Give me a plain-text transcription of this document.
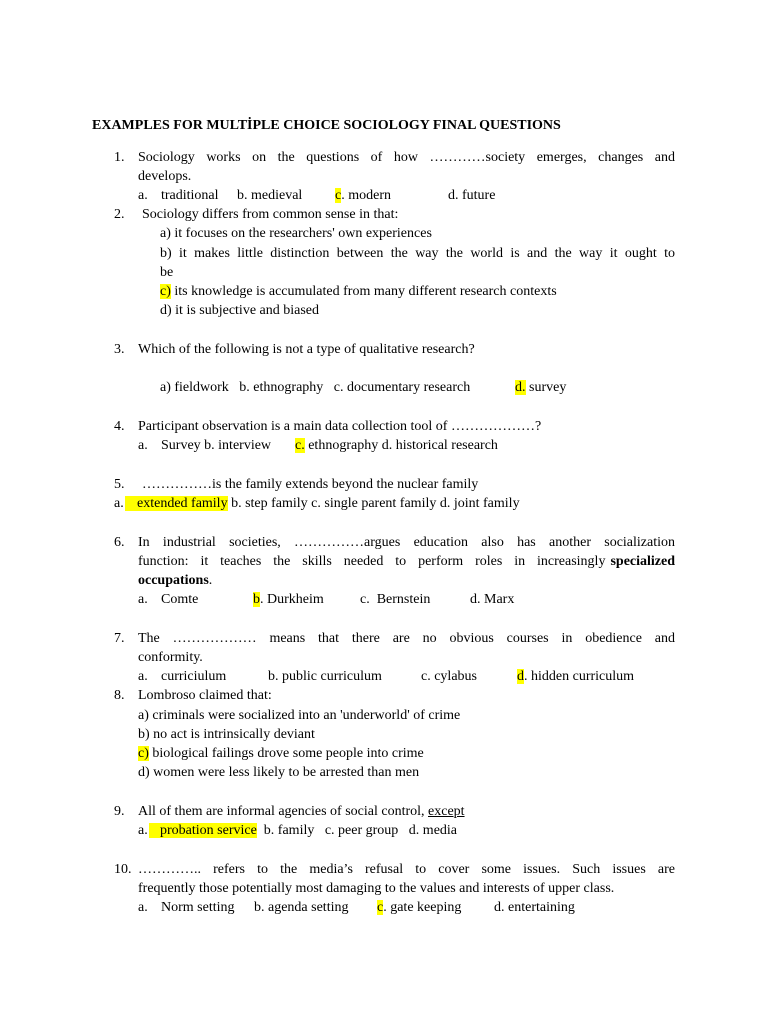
EXAMPLES FOR MULTİPLE CHOICE SOCIOLOGY FINAL QUESTIONS
1. Sociology works on the questions of how …………society emerges, changes and
develops.
a. traditional b. medieval c. modern	d. future
2. Sociology differs from common sense in that:
a) it focuses on the researchers' own experiences
b) it makes little distinction between the way the world is and the way it ought to
be
c) its knowledge is accumulated from many different research contexts
d) it is subjective and biased
3. Which of the following is not a type of qualitative research?
a) fieldwork   b. ethnography   c. documentary research	d. survey
4. Participant observation is a main data collection tool of ………………?
a. Survey b. interview c. ethnography d. historical research
5. ……………is the family extends beyond the nuclear family
a. extended family b. step family c. single parent family d. joint family
6. In industrial societies, ……………argues education also has another socialization
function: it teaches the skills needed to perform roles in increasingly specialized
occupations.
a. Comte	b. Durkheim	c.  Bernstein	d. Marx
7. The ……………… means that there are no obvious courses in obedience and
conformity.
a. curriciulum	b. public curriculum	c. cylabus	d. hidden curriculum
8. Lombroso claimed that:
a) criminals were socialized into an 'underworld' of crime
b) no act is intrinsically deviant
c) biological failings drove some people into crime
d) women were less likely to be arrested than men
9. All of them are informal agencies of social control, except
a. probation service  b. family   c. peer group   d. media
10. ………….. refers to the media’s refusal to cover some issues. Such issues are
frequently those potentially most damaging to the values and interests of upper class.
a. Norm setting b. agenda setting c. gate keeping d. entertaining
